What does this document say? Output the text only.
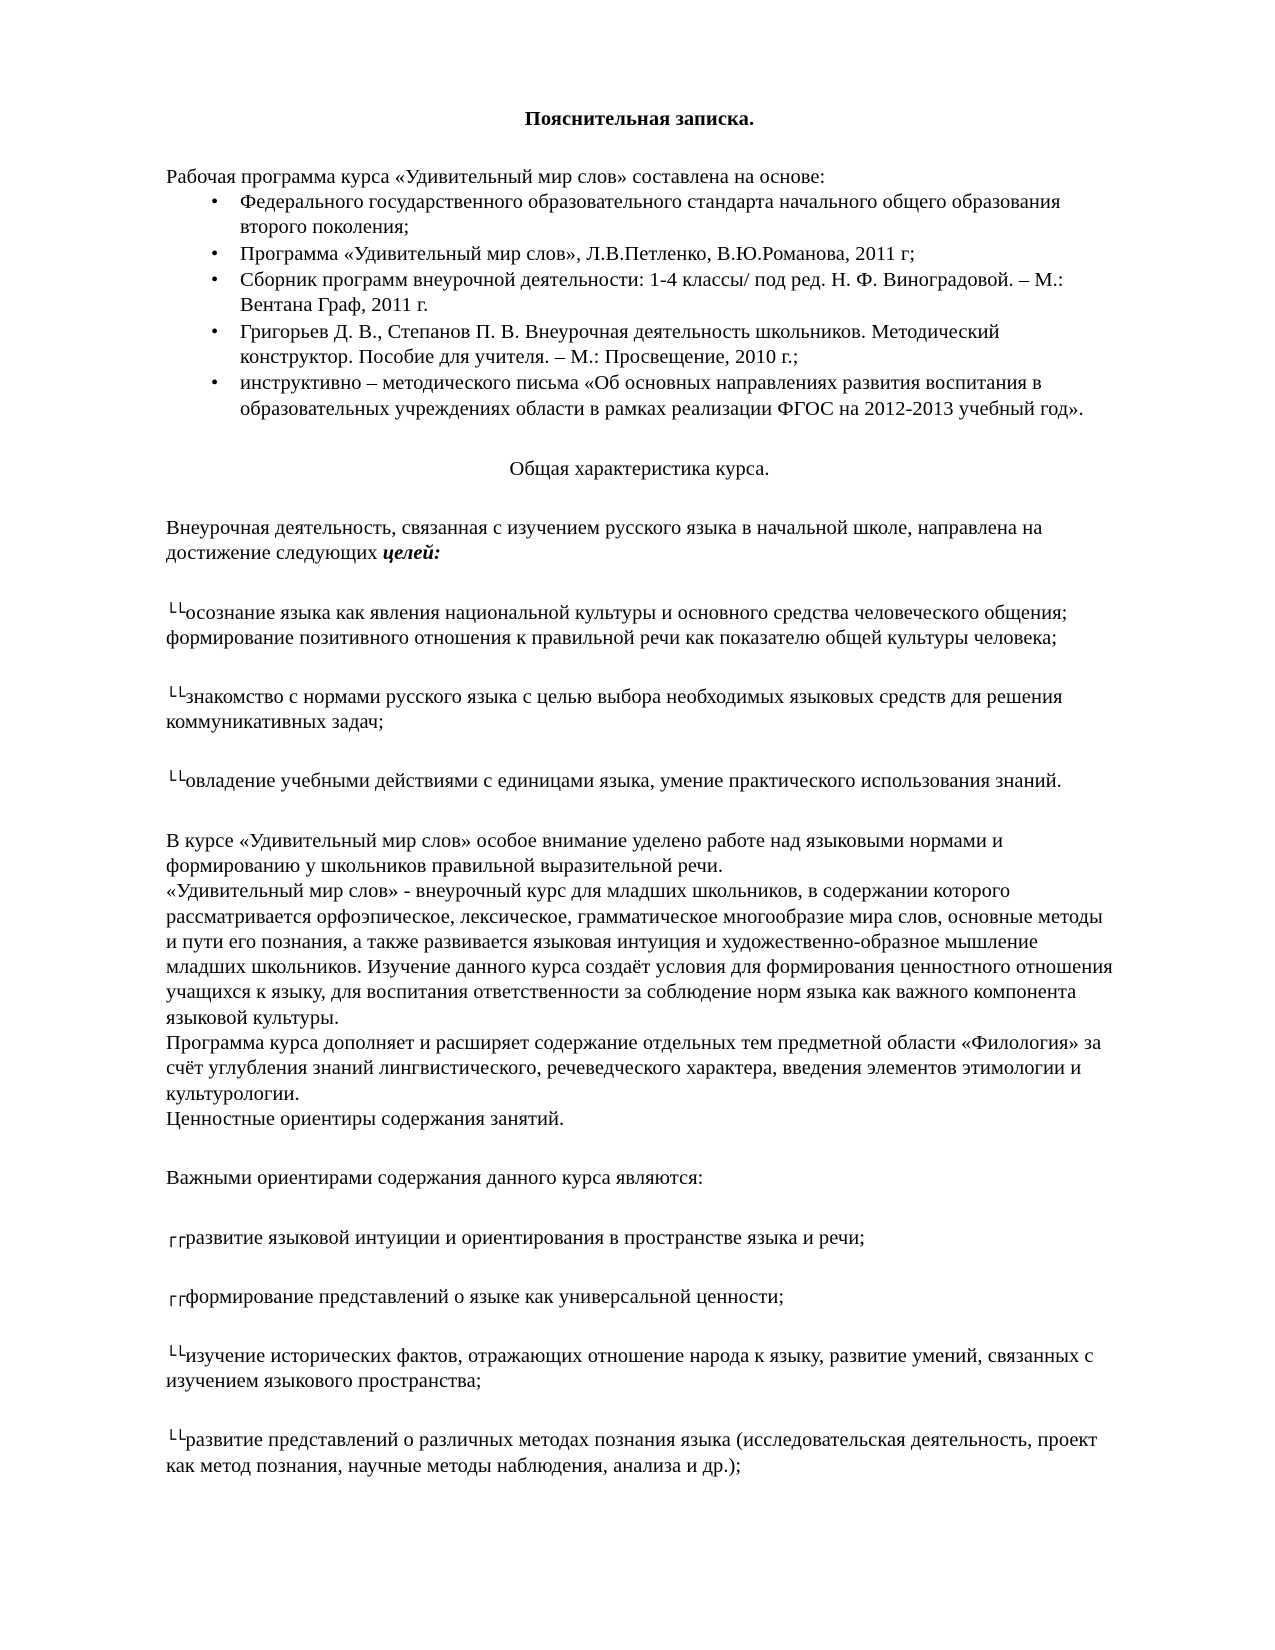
Пояснительная записка.

Рабочая программа курса «Удивительный мир слов» составлена на основе:

• Федерального государственного образовательного стандарта начального общего образования второго поколения;
• Программа «Удивительный мир слов», Л.В.Петленко, В.Ю.Романова, 2011 г;
• Сборник программ внеурочной деятельности: 1-4 классы/ под ред. Н. Ф. Виноградовой. – М.: Вентана Граф, 2011 г.
• Григорьев Д. В., Степанов П. В. Внеурочная деятельность школьников. Методический конструктор. Пособие для учителя. – М.: Просвещение, 2010 г.;
• инструктивно – методического письма «Об основных направлениях развития воспитания в образовательных учреждениях области в рамках реализации ФГОС на 2012-2013 учебный год».

Общая характеристика курса.

Внеурочная деятельность, связанная с изучением русского языка в начальной школе, направлена на достижение следующих целей:

└└осознание языка как явления национальной культуры и основного средства человеческого общения; формирование позитивного отношения к правильной речи как показателю общей культуры человека;

└└знакомство с нормами русского языка с целью выбора необходимых языковых средств для решения коммуникативных задач;

└└овладение учебными действиями с единицами языка, умение практического использования знаний.

В курсе «Удивительный мир слов» особое внимание уделено работе над языковыми нормами и формированию у школьников правильной выразительной речи.

«Удивительный мир слов» - внеурочный курс для младших школьников, в содержании которого рассматривается орфоэпическое, лексическое, грамматическое многообразие мира слов, основные методы и пути его познания, а также развивается языковая интуиция и художественно-образное мышление младших школьников. Изучение данного курса создаёт условия для формирования ценностного отношения учащихся к языку, для воспитания ответственности за соблюдение норм языка как важного компонента языковой культуры.

Программа курса дополняет и расширяет содержание отдельных тем предметной области «Филология» за счёт углубления знаний лингвистического, речеведческого характера, введения элементов этимологии и культурологии.

Ценностные ориентиры содержания занятий.

Важными ориентирами содержания данного курса являются:

┌┌развитие языковой интуиции и ориентирования в пространстве языка и речи;

┌┌формирование представлений о языке как универсальной ценности;

└└изучение исторических фактов, отражающих отношение народа к языку, развитие умений, связанных с изучением языкового пространства;

└└развитие представлений о различных методах познания языка (исследовательская деятельность, проект как метод познания, научные методы наблюдения, анализа и др.);
